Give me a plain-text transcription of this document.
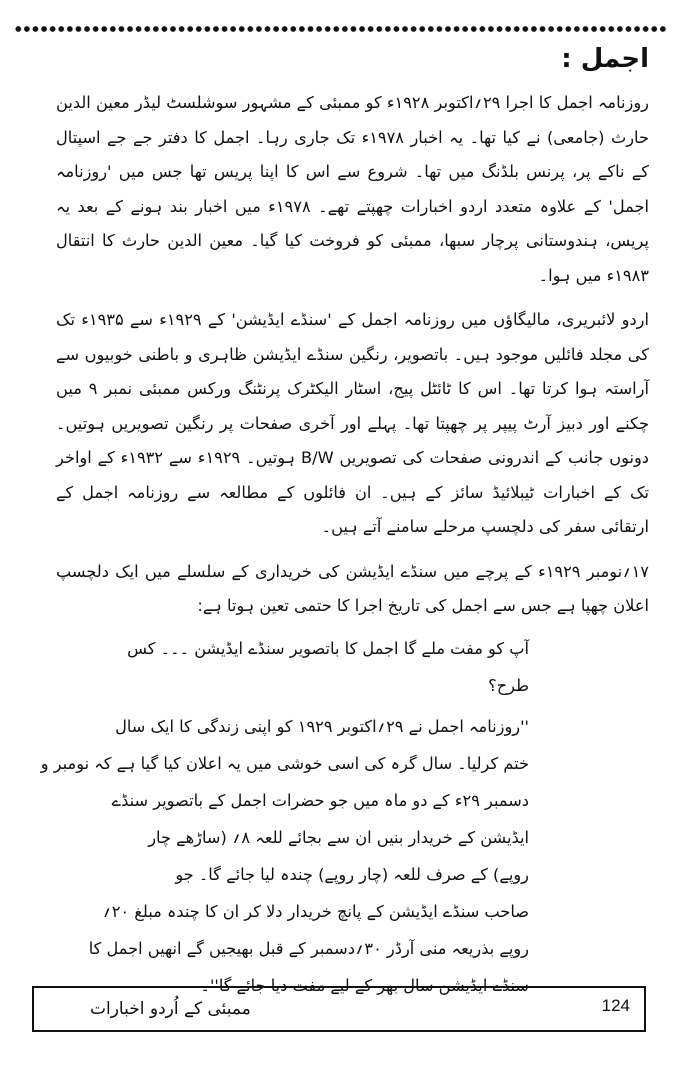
اجمل :

روزنامہ اجمل کا اجرا ۲۹؍اکتوبر ۱۹۲۸ء کو ممبئی کے مشہور سوشلسٹ لیڈر معین الدین حارث (جامعی) نے کیا تھا۔ یہ اخبار ۱۹۷۸ء تک جاری رہا۔ اجمل کا دفتر جے جے اسپتال کے ناکے پر، پرنس بلڈنگ میں تھا۔ شروع سے اس کا اپنا پریس تھا جس میں 'روزنامہ اجمل' کے علاوہ متعدد اردو اخبارات چھپتے تھے۔ ۱۹۷۸ء میں اخبار بند ہونے کے بعد یہ پریس، ہندوستانی پرچار سبھا، ممبئی کو فروخت کیا گیا۔ معین الدین حارث کا انتقال ۱۹۸۳ء میں ہوا۔

اردو لائبریری، مالیگاؤں میں روزنامہ اجمل کے 'سنڈے ایڈیشن' کے ۱۹۲۹ء سے ۱۹۳۵ء تک کی مجلد فائلیں موجود ہیں۔ باتصویر، رنگین سنڈے ایڈیشن ظاہری و باطنی خوبیوں سے آراستہ ہوا کرتا تھا۔ اس کا ٹائٹل پیج، اسٹار الیکٹرک پرنٹنگ ورکس ممبئی نمبر ۹ میں چکنے اور دبیز آرٹ پیپر پر چھپتا تھا۔ پہلے اور آخری صفحات پر رنگین تصویریں ہوتیں۔ دونوں جانب کے اندرونی صفحات کی تصویریں B/W ہوتیں۔ ۱۹۲۹ء سے ۱۹۳۲ء کے اواخر تک کے اخبارات ٹیبلائیڈ سائز کے ہیں۔ ان فائلوں کے مطالعہ سے روزنامہ اجمل کے ارتقائی سفر کی دلچسپ مرحلے سامنے آتے ہیں۔

۱۷؍نومبر ۱۹۲۹ء کے پرچے میں سنڈے ایڈیشن کی خریداری کے سلسلے میں ایک دلچسپ اعلان چھپا ہے جس سے اجمل کی تاریخ اجرا کا حتمی تعین ہوتا ہے:

آپ کو مفت ملے گا اجمل کا باتصویر سنڈے ایڈیشن ۔۔۔ کس
طرح؟

''روزنامہ اجمل نے ۲۹؍اکتوبر ۱۹۲۹ کو اپنی زندگی کا ایک سال
ختم کرلیا۔ سال گرہ کی اسی خوشی میں یہ اعلان کیا گیا ہے کہ نومبر و
دسمبر ۲۹ء کے دو ماہ میں جو حضرات اجمل کے باتصویر سنڈے
ایڈیشن کے خریدار بنیں ان سے بجائے للعہ ۸؍ (ساڑھے چار
روپے) کے صرف للعہ (چار روپے) چندہ لیا جائے گا۔ جو
صاحب سنڈے ایڈیشن کے پانچ خریدار دلا کر ان کا چندہ مبلغ ۲۰؍
روپے بذریعہ منی آرڈر ۳۰؍دسمبر کے قبل بھیجیں گے انھیں اجمل کا
سنڈے ایڈیشن سال بھر کے لیے مفت دیا جائے گا''۔

ممبئی کے اُردو اخبارات	124
